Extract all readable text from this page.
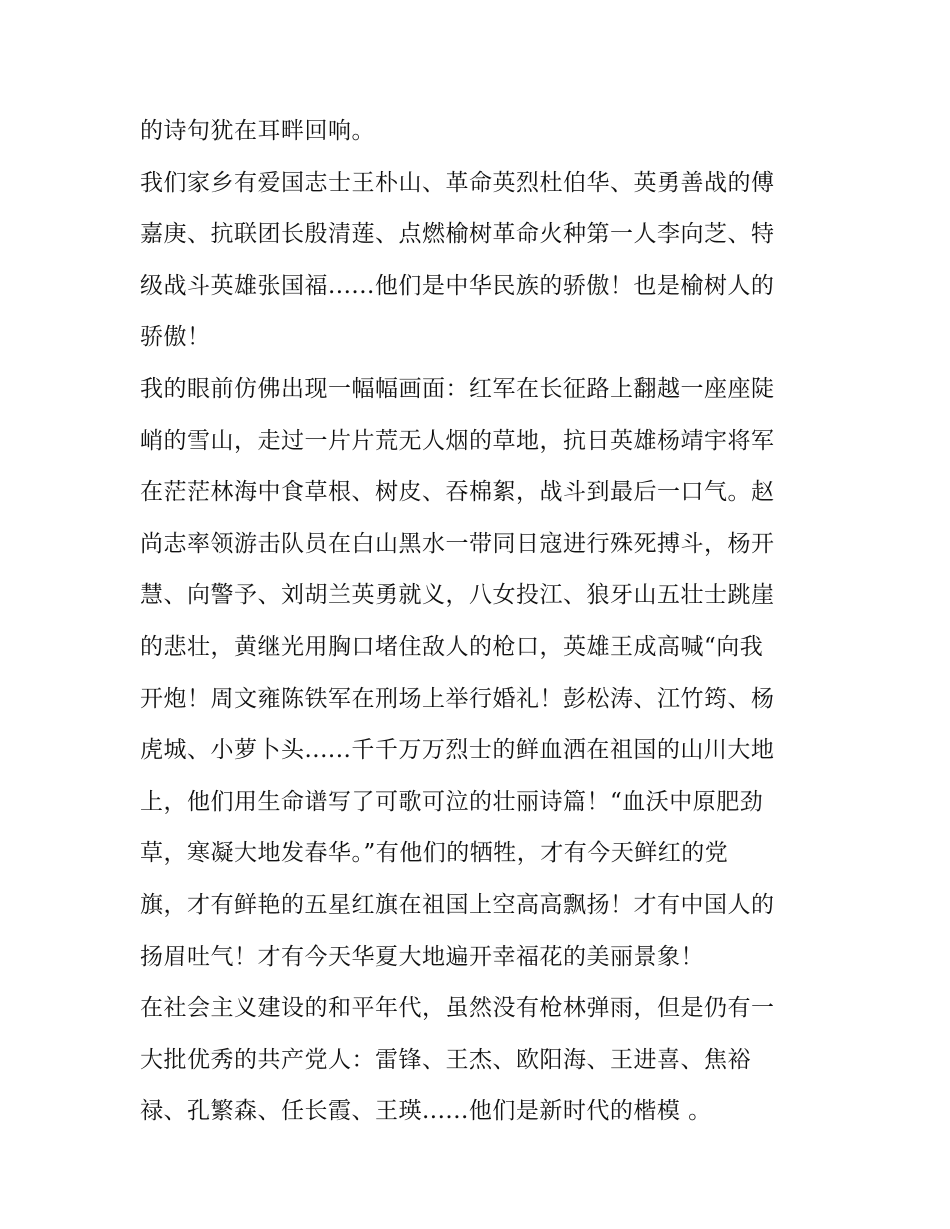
的诗句犹在耳畔回响。
我们家乡有爱国志士王朴山、革命英烈杜伯华、英勇善战的傅
嘉庚、抗联团长殷清莲、点燃榆树革命火种第一人李向芝、特
级战斗英雄张国福......他们是中华民族的骄傲！也是榆树人的
骄傲！
我的眼前仿佛出现一幅幅画面：红军在长征路上翻越一座座陡
峭的雪山，走过一片片荒无人烟的草地，抗日英雄杨靖宇将军
在茫茫林海中食草根、树皮、吞棉絮，战斗到最后一口气。赵
尚志率领游击队员在白山黑水一带同日寇进行殊死搏斗，杨开
慧、向警予、刘胡兰英勇就义，八女投江、狼牙山五壮士跳崖
的悲壮，黄继光用胸口堵住敌人的枪口，英雄王成高喊“向我
开炮！周文雍陈铁军在刑场上举行婚礼！彭松涛、江竹筠、杨
虎城、小萝卜头......千千万万烈士的鲜血洒在祖国的山川大地
上，他们用生命谱写了可歌可泣的壮丽诗篇！“血沃中原肥劲
草，寒凝大地发春华。”有他们的牺牲，才有今天鲜红的党
旗，才有鲜艳的五星红旗在祖国上空高高飘扬！才有中国人的
扬眉吐气！才有今天华夏大地遍开幸福花的美丽景象！
在社会主义建设的和平年代，虽然没有枪林弹雨，但是仍有一
大批优秀的共产党人：雷锋、王杰、欧阳海、王进喜、焦裕
禄、孔繁森、任长霞、王瑛......他们是新时代的楷模 。
